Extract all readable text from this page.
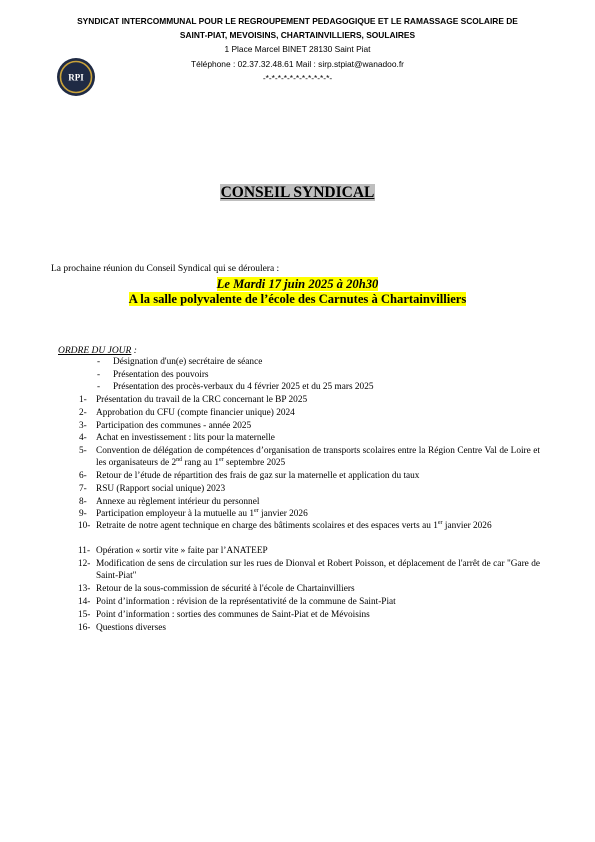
SYNDICAT INTERCOMMUNAL POUR LE REGROUPEMENT PEDAGOGIQUE ET LE RAMASSAGE SCOLAIRE DE
SAINT-PIAT, MEVOISINS, CHARTAINVILLIERS, SOULAIRES
1 Place Marcel BINET 28130 Saint Piat
Téléphone : 02.37.32.48.61 Mail : sirp.stpiat@wanadoo.fr
-*-*-*-*-*-*-*-*-*-*-*-
RPI
CONSEIL SYNDICAL
La prochaine réunion du Conseil Syndical qui se déroulera :
Le Mardi 17 juin 2025 à 20h30
A la salle polyvalente de l’école des Carnutes à Chartainvilliers
ORDRE DU JOUR :
- Désignation d'un(e) secrétaire de séance
- Présentation des pouvoirs
- Présentation des procès-verbaux du 4 février 2025 et du 25 mars 2025
1- Présentation du travail de la CRC concernant le BP 2025
2- Approbation du CFU (compte financier unique) 2024
3- Participation des communes - année 2025
4- Achat en investissement : lits pour la maternelle
5- Convention de délégation de compétences d’organisation de transports scolaires entre la Région Centre Val de Loire et les organisateurs de 2nd rang au 1er septembre 2025
6- Retour de l’étude de répartition des frais de gaz sur la maternelle et application du taux
7- RSU (Rapport social unique) 2023
8- Annexe au règlement intérieur du personnel
9- Participation employeur à la mutuelle au 1er janvier 2026
10- Retraite de notre agent technique en charge des bâtiments scolaires et des espaces verts au 1er janvier 2026
11- Opération « sortir vite » faite par l’ANATEEP
12- Modification de sens de circulation sur les rues de Dionval et Robert Poisson, et déplacement de l'arrêt de car "Gare de Saint-Piat"
13- Retour de la sous-commission de sécurité à l'école de Chartainvilliers
14- Point d’information : révision de la représentativité de la commune de Saint-Piat
15- Point d’information : sorties des communes de Saint-Piat et de Mévoisins
16- Questions diverses
